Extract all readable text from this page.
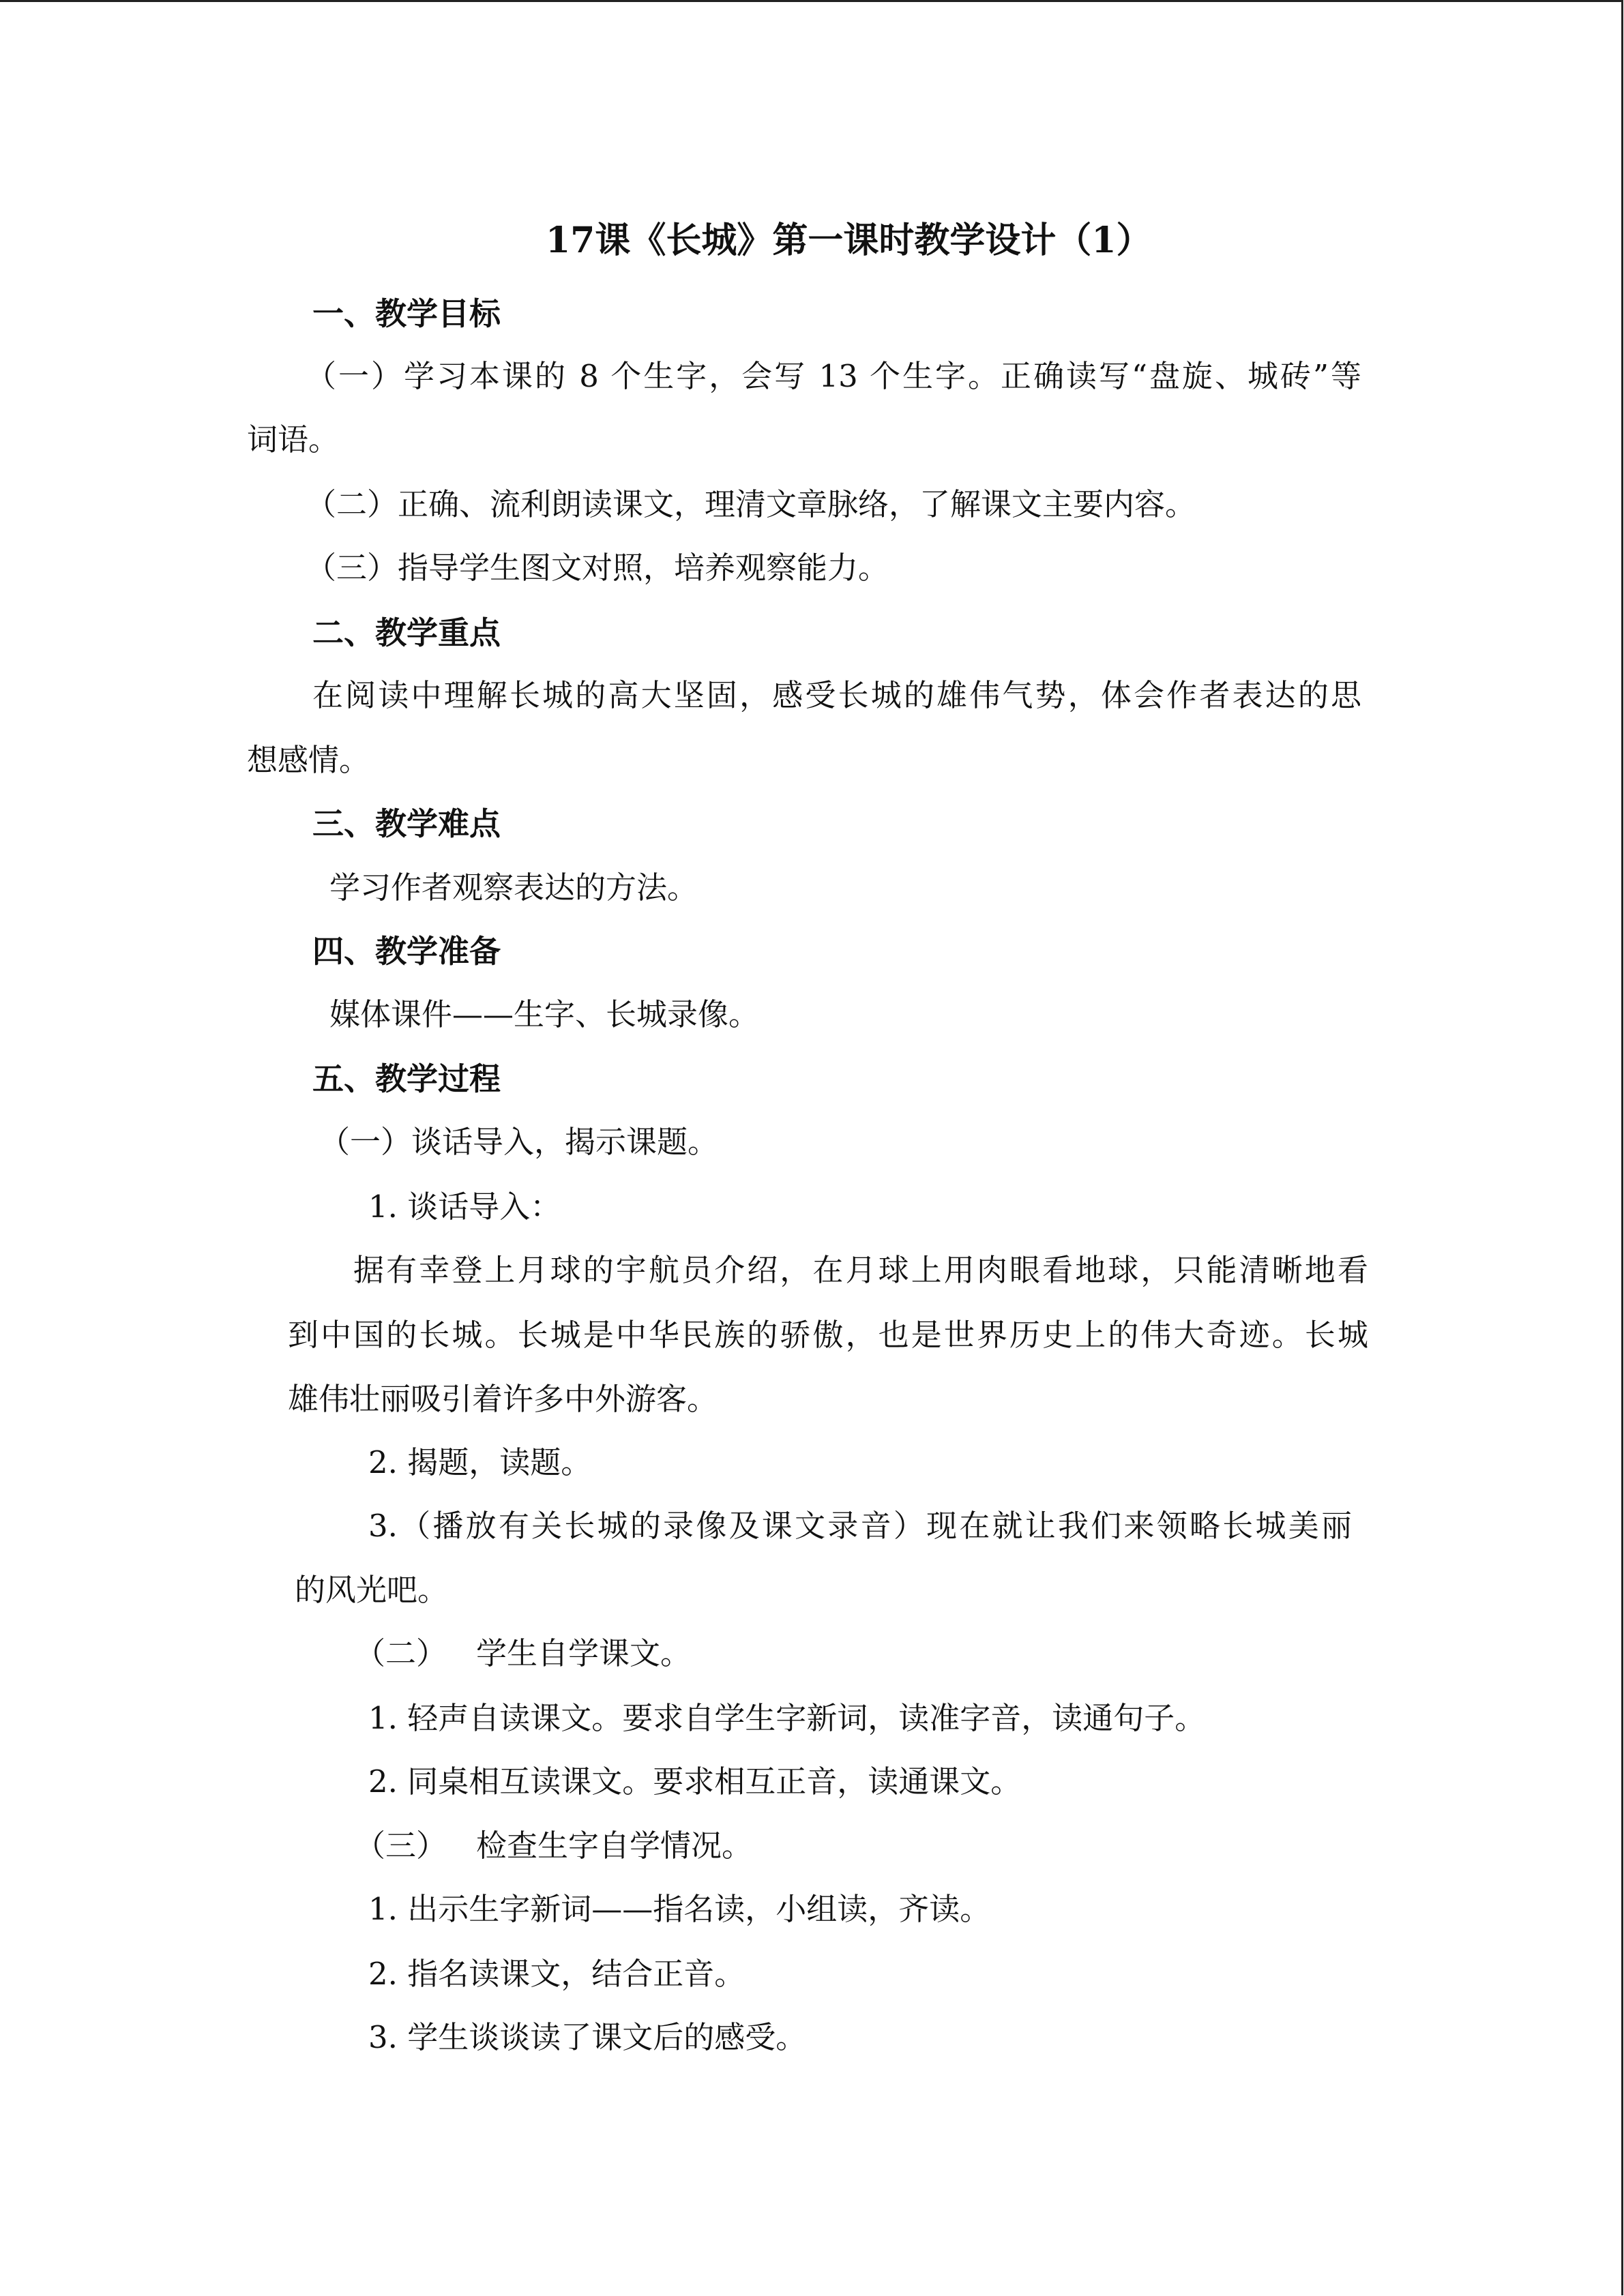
17课《长城》第一课时教学设计（1）
一、教学目标
（一）学习本课的 8 个生字，会写 13 个生字。正确读写“盘旋、城砖”等
词语。
（二）正确、流利朗读课文，理清文章脉络，了解课文主要内容。
（三）指导学生图文对照，培养观察能力。
二、教学重点
在阅读中理解长城的高大坚固，感受长城的雄伟气势，体会作者表达的思
想感情。
三、教学难点
学习作者观察表达的方法。
四、教学准备
媒体课件——生字、长城录像。
五、教学过程
（一）谈话导入，揭示课题。
1. 谈话导入：
据有幸登上月球的宇航员介绍，在月球上用肉眼看地球，只能清晰地看
到中国的长城。长城是中华民族的骄傲，也是世界历史上的伟大奇迹。长城
雄伟壮丽吸引着许多中外游客。
2. 揭题，读题。
3.（播放有关长城的录像及课文录音）现在就让我们来领略长城美丽
的风光吧。
（二） 学生自学课文。
1. 轻声自读课文。要求自学生字新词，读准字音，读通句子。
2. 同桌相互读课文。要求相互正音，读通课文。
（三） 检查生字自学情况。
1. 出示生字新词——指名读，小组读，齐读。
2. 指名读课文，结合正音。
3. 学生谈谈读了课文后的感受。
